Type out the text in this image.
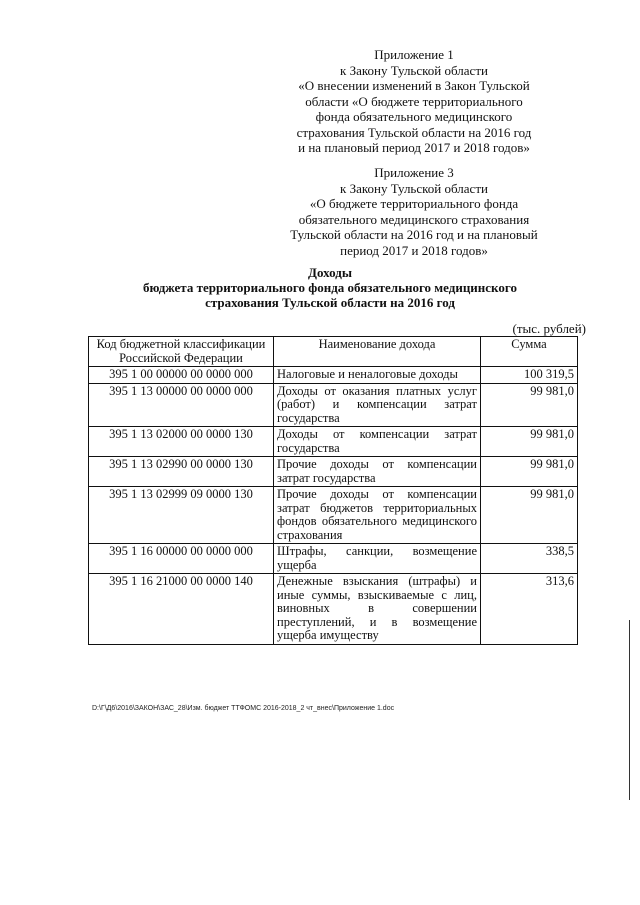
Приложение 1
к Закону Тульской области
«О внесении изменений в Закон Тульской
области «О бюджете территориального
фонда обязательного медицинского
страхования Тульской области на 2016 год
и на плановый период 2017 и 2018 годов»
Приложение 3
к Закону Тульской области
«О бюджете территориального фонда
обязательного медицинского страхования
Тульской области на 2016 год и на плановый
период 2017 и 2018 годов»
Доходы
бюджета территориального фонда обязательного медицинского
страхования Тульской области на 2016 год
(тыс. рублей)
Код бюджетной классификации Российской Федерации	Наименование дохода	Сумма
395 1 00 00000 00 0000 000	Налоговые и неналоговые доходы	100 319,5
395 1 13 00000 00 0000 000	Доходы от оказания платных услуг (работ) и компенсации затрат государства	99 981,0
395 1 13 02000 00 0000 130	Доходы от компенсации затрат государства	99 981,0
395 1 13 02990 00 0000 130	Прочие доходы от компенсации затрат государства	99 981,0
395 1 13 02999 09 0000 130	Прочие доходы от компенсации затрат бюджетов территориальных фондов обязательного медицинского страхования	99 981,0
395 1 16 00000 00 0000 000	Штрафы, санкции, возмещение ущерба	338,5
395 1 16 21000 00 0000 140	Денежные взыскания (штрафы) и иные суммы, взыскиваемые с лиц, виновных в совершении преступлений, и в возмещение ущерба имуществу	313,6
D:\Г\Д6\2016\ЗАКОН\ЗАС_28\Изм. бюджет ТТФОМС 2016-2018_2 чт_внес\Приложение 1.doc
